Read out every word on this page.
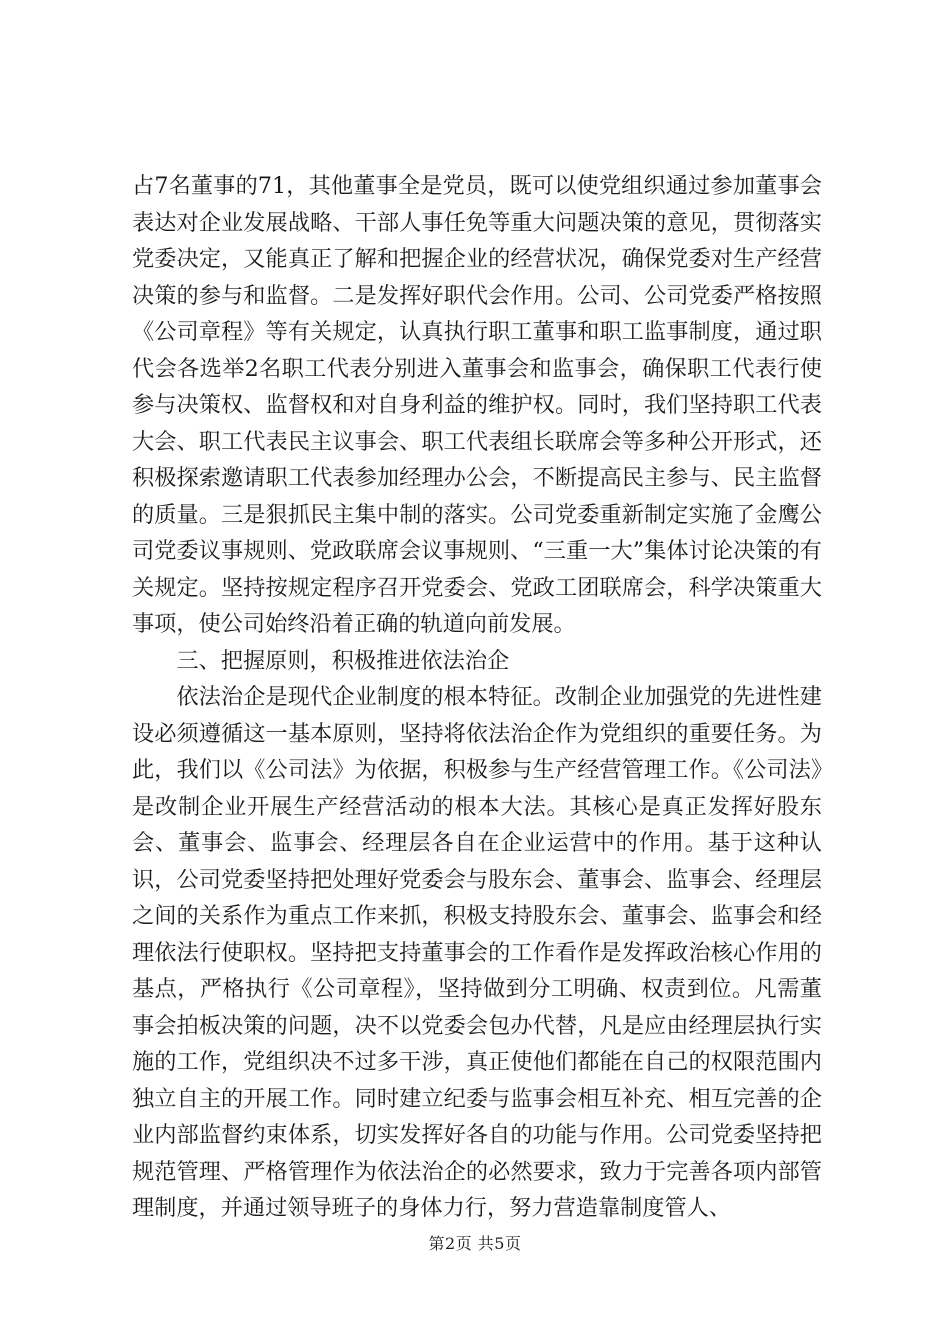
占7名董事的71，其他董事全是党员，既可以使党组织通过参加董事会表达对企业发展战略、干部人事任免等重大问题决策的意见，贯彻落实党委决定，又能真正了解和把握企业的经营状况，确保党委对生产经营决策的参与和监督。二是发挥好职代会作用。公司、公司党委严格按照《公司章程》等有关规定，认真执行职工董事和职工监事制度，通过职代会各选举2名职工代表分别进入董事会和监事会，确保职工代表行使参与决策权、监督权和对自身利益的维护权。同时，我们坚持职工代表大会、职工代表民主议事会、职工代表组长联席会等多种公开形式，还积极探索邀请职工代表参加经理办公会，不断提高民主参与、民主监督的质量。三是狠抓民主集中制的落实。公司党委重新制定实施了金鹰公司党委议事规则、党政联席会议事规则、“三重一大”集体讨论决策的有关规定。坚持按规定程序召开党委会、党政工团联席会，科学决策重大事项，使公司始终沿着正确的轨道向前发展。

三、把握原则，积极推进依法治企

依法治企是现代企业制度的根本特征。改制企业加强党的先进性建设必须遵循这一基本原则，坚持将依法治企作为党组织的重要任务。为此，我们以《公司法》为依据，积极参与生产经营管理工作。《公司法》是改制企业开展生产经营活动的根本大法。其核心是真正发挥好股东会、董事会、监事会、经理层各自在企业运营中的作用。基于这种认识，公司党委坚持把处理好党委会与股东会、董事会、监事会、经理层之间的关系作为重点工作来抓，积极支持股东会、董事会、监事会和经理依法行使职权。坚持把支持董事会的工作看作是发挥政治核心作用的基点，严格执行《公司章程》，坚持做到分工明确、权责到位。凡需董事会拍板决策的问题，决不以党委会包办代替，凡是应由经理层执行实施的工作，党组织决不过多干涉，真正使他们都能在自己的权限范围内独立自主的开展工作。同时建立纪委与监事会相互补充、相互完善的企业内部监督约束体系，切实发挥好各自的功能与作用。公司党委坚持把规范管理、严格管理作为依法治企的必然要求，致力于完善各项内部管理制度，并通过领导班子的身体力行，努力营造靠制度管人、

第2页 共5页
